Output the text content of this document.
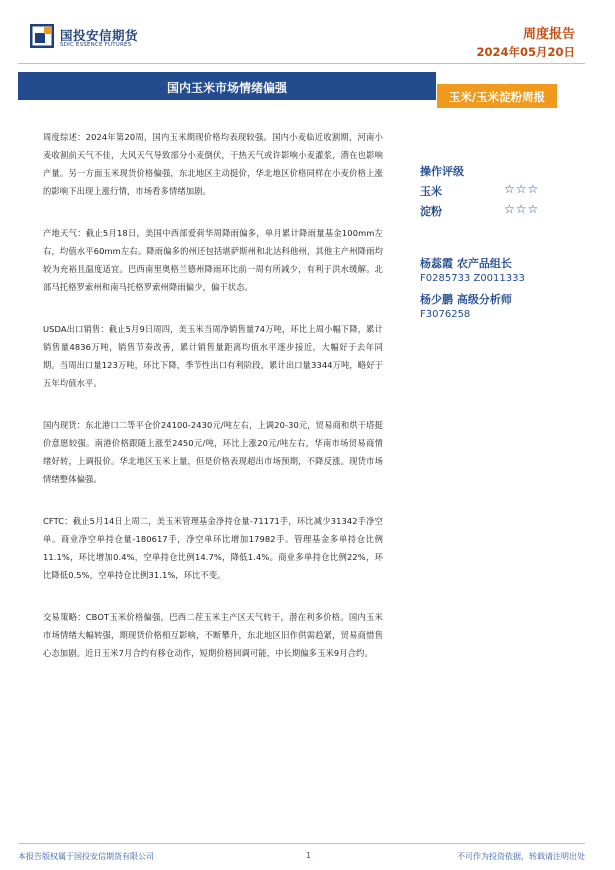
国投安信期货
SDIC ESSENCE FUTURES
周度报告
2024年05月20日
国内玉米市场情绪偏强
玉米/玉米淀粉周报

周度综述：2024年第20周，国内玉米期现价格均表现较强。国内小麦临近收割期，河南小麦收割前天气不佳，大风天气导致部分小麦倒伏，干热天气或许影响小麦灌浆，潜在也影响产量。另一方面玉米现货价格偏强，东北地区主动挺价，华北地区价格同样在小麦价格上涨的影响下出现上涨行情，市场看多情绪加剧。

产地天气：截止5月18日，美国中西部爱荷华周降雨偏多，单月累计降雨量基金100mm左右，均值水平60mm左右。降雨偏多的州还包括堪萨斯州和北达科他州，其他主产州降雨均较为充裕且温度适宜。巴西南里奥格兰德州降雨环比前一周有所减少，有利于洪水缓解。北部马托格罗索州和南马托格罗索州降雨偏少，偏干状态。

USDA出口销售：截止5月9日周四，美玉米当周净销售量74万吨，环比上周小幅下降，累计销售量4836万吨，销售节奏改善，累计销售量距离均值水平逐步接近，大幅好于去年同期。当周出口量123万吨，环比下降，季节性出口有利阶段，累计出口量3344万吨，略好于五年均值水平。

国内现货：东北港口二等平仓价24100-2430元/吨左右，上调20-30元，贸易商和烘干塔挺价意愿较强。南港价格跟随上涨至2450元/吨，环比上涨20元/吨左右，华南市场贸易商情绪好转，上调报价。华北地区玉米上量，但是价格表现超出市场预期，不降反涨。现货市场情绪整体偏强。

CFTC：截止5月14日上周二，美玉米管理基金净持仓量-71171手，环比减少31342手净空单。商业净空单持仓量-180617手，净空单环比增加17982手。管理基金多单持仓比例11.1%，环比增加0.4%，空单持仓比例14.7%，降低1.4%。商业多单持仓比例22%，环比降低0.5%，空单持仓比例31.1%，环比不变。

交易策略：CBOT玉米价格偏强，巴西二茬玉米主产区天气转干，潜在利多价格。国内玉米市场情绪大幅转强，期现货价格相互影响，不断攀升，东北地区旧作供需趋紧，贸易商惜售心态加剧。近日玉米7月合约有移仓动作，短期价格回调可能，中长期偏多玉米9月合约。

操作评级
玉米	☆☆☆
淀粉	☆☆☆
杨蕊霞 农产品组长
F0285733 Z0011333
杨少鹏 高级分析师
F3076258
本报告版权属于国投安信期货有限公司	1	不可作为投资依据，转载请注明出处
